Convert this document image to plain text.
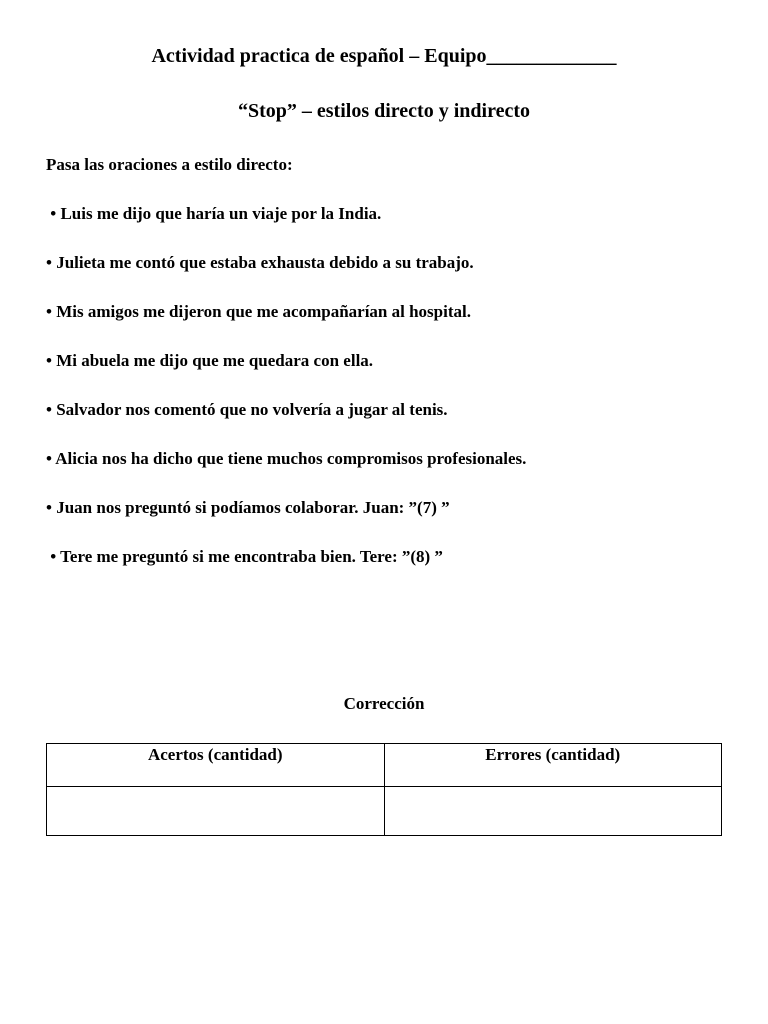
Actividad practica de español – Equipo_____________
“Stop” – estilos directo y indirecto
Pasa las oraciones a estilo directo:
• Luis me dijo que haría un viaje por la India.
• Julieta me contó que estaba exhausta debido a su trabajo.
• Mis amigos me dijeron que me acompañarían al hospital.
• Mi abuela me dijo que me quedara con ella.
• Salvador nos comentó que no volvería a jugar al tenis.
• Alicia nos ha dicho que tiene muchos compromisos profesionales.
• Juan nos preguntó si podíamos colaborar. Juan: ”(7) ”
• Tere me preguntó si me encontraba bien. Tere: ”(8) ”
Corrección
Acertos (cantidad)	Errores (cantidad)
